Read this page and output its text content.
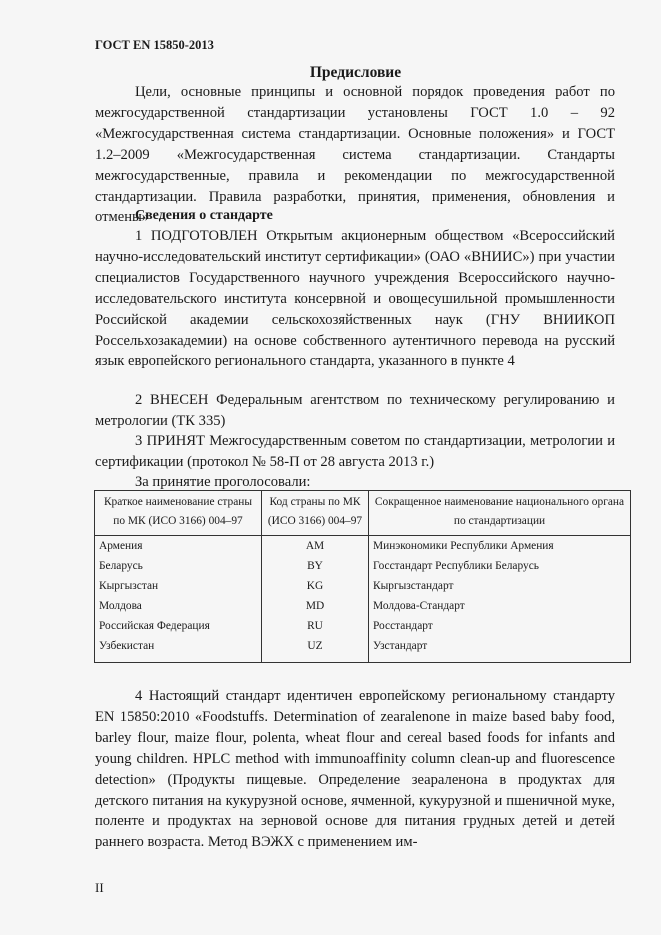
ГОСТ EN 15850-2013
Предисловие

Цели, основные принципы и основной порядок проведения работ по межгосударственной стандартизации установлены ГОСТ 1.0 – 92 «Межгосударственная система стандартизации. Основные положения» и ГОСТ 1.2–2009 «Межгосударственная система стандартизации. Стандарты межгосударственные, правила и рекомендации по межгосударственной стандартизации. Правила разработки, принятия, применения, обновления и отмены»

Сведения о стандарте

1 ПОДГОТОВЛЕН Открытым акционерным обществом «Всероссийский научно-исследовательский институт сертификации» (ОАО «ВНИИС») при участии специалистов Государственного научного учреждения Всероссийского научно-исследовательского института консервной и овощесушильной промышленности Российской академии сельскохозяйственных наук (ГНУ ВНИИКОП Россельхозакадемии) на основе собственного аутентичного перевода на русский язык европейского регионального стандарта, указанного в пункте 4

2 ВНЕСЕН Федеральным агентством по техническому регулированию и метрологии (ТК 335)

3 ПРИНЯТ Межгосударственным советом по стандартизации, метрологии и сертификации (протокол № 58-П от 28 августа 2013 г.)

За принятие проголосовали:

Краткое наименование страны по МК (ИСО 3166) 004–97	Код страны по МК (ИСО 3166) 004–97	Сокращенное наименование национального органа по стандартизации
Армения	AM	Минэкономики Республики Армения
Беларусь	BY	Госстандарт Республики Беларусь
Кыргызстан	KG	Кыргызстандарт
Молдова	MD	Молдова-Стандарт
Российская Федерация	RU	Росстандарт
Узбекистан	UZ	Узстандарт

4 Настоящий стандарт идентичен европейскому региональному стандарту EN 15850:2010 «Foodstuffs. Determination of zearalenone in maize based baby food, barley flour, maize flour, polenta, wheat flour and cereal based foods for infants and young children. HPLC method with immunoaffinity column clean-up and fluorescence detection» (Продукты пищевые. Определение зеараленона в продуктах для детского питания на кукурузной основе, ячменной, кукурузной и пшеничной муке, поленте и продуктах на зерновой основе для питания грудных детей и детей раннего возраста. Метод ВЭЖХ с применением им-

II
